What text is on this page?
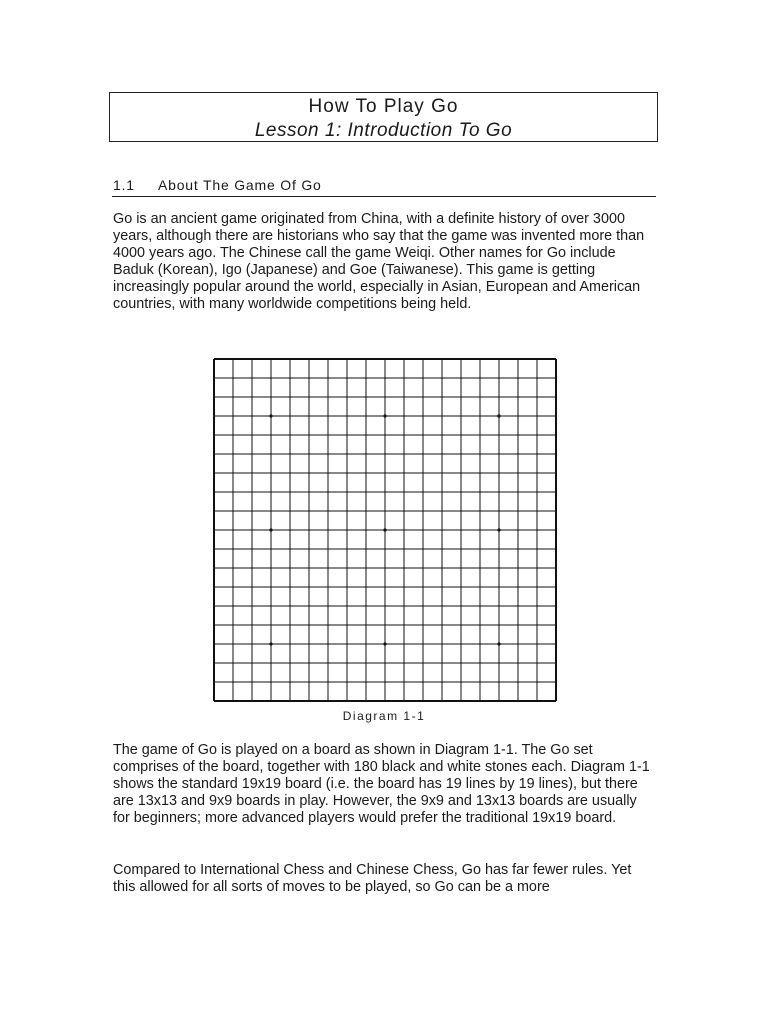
How To Play Go
Lesson 1: Introduction To Go
1.1 About The Game Of Go

Go is an ancient game originated from China, with a definite history of over 3000 years, although there are historians who say that the game was invented more than 4000 years ago. The Chinese call the game Weiqi. Other names for Go include Baduk (Korean), Igo (Japanese) and Goe (Taiwanese). This game is getting increasingly popular around the world, especially in Asian, European and American countries, with many worldwide competitions being held.

Diagram 1-1

The game of Go is played on a board as shown in Diagram 1-1. The Go set comprises of the board, together with 180 black and white stones each. Diagram 1-1 shows the standard 19x19 board (i.e. the board has 19 lines by 19 lines), but there are 13x13 and 9x9 boards in play. However, the 9x9 and 13x13 boards are usually for beginners; more advanced players would prefer the traditional 19x19 board.

Compared to International Chess and Chinese Chess, Go has far fewer rules. Yet this allowed for all sorts of moves to be played, so Go can be a more
